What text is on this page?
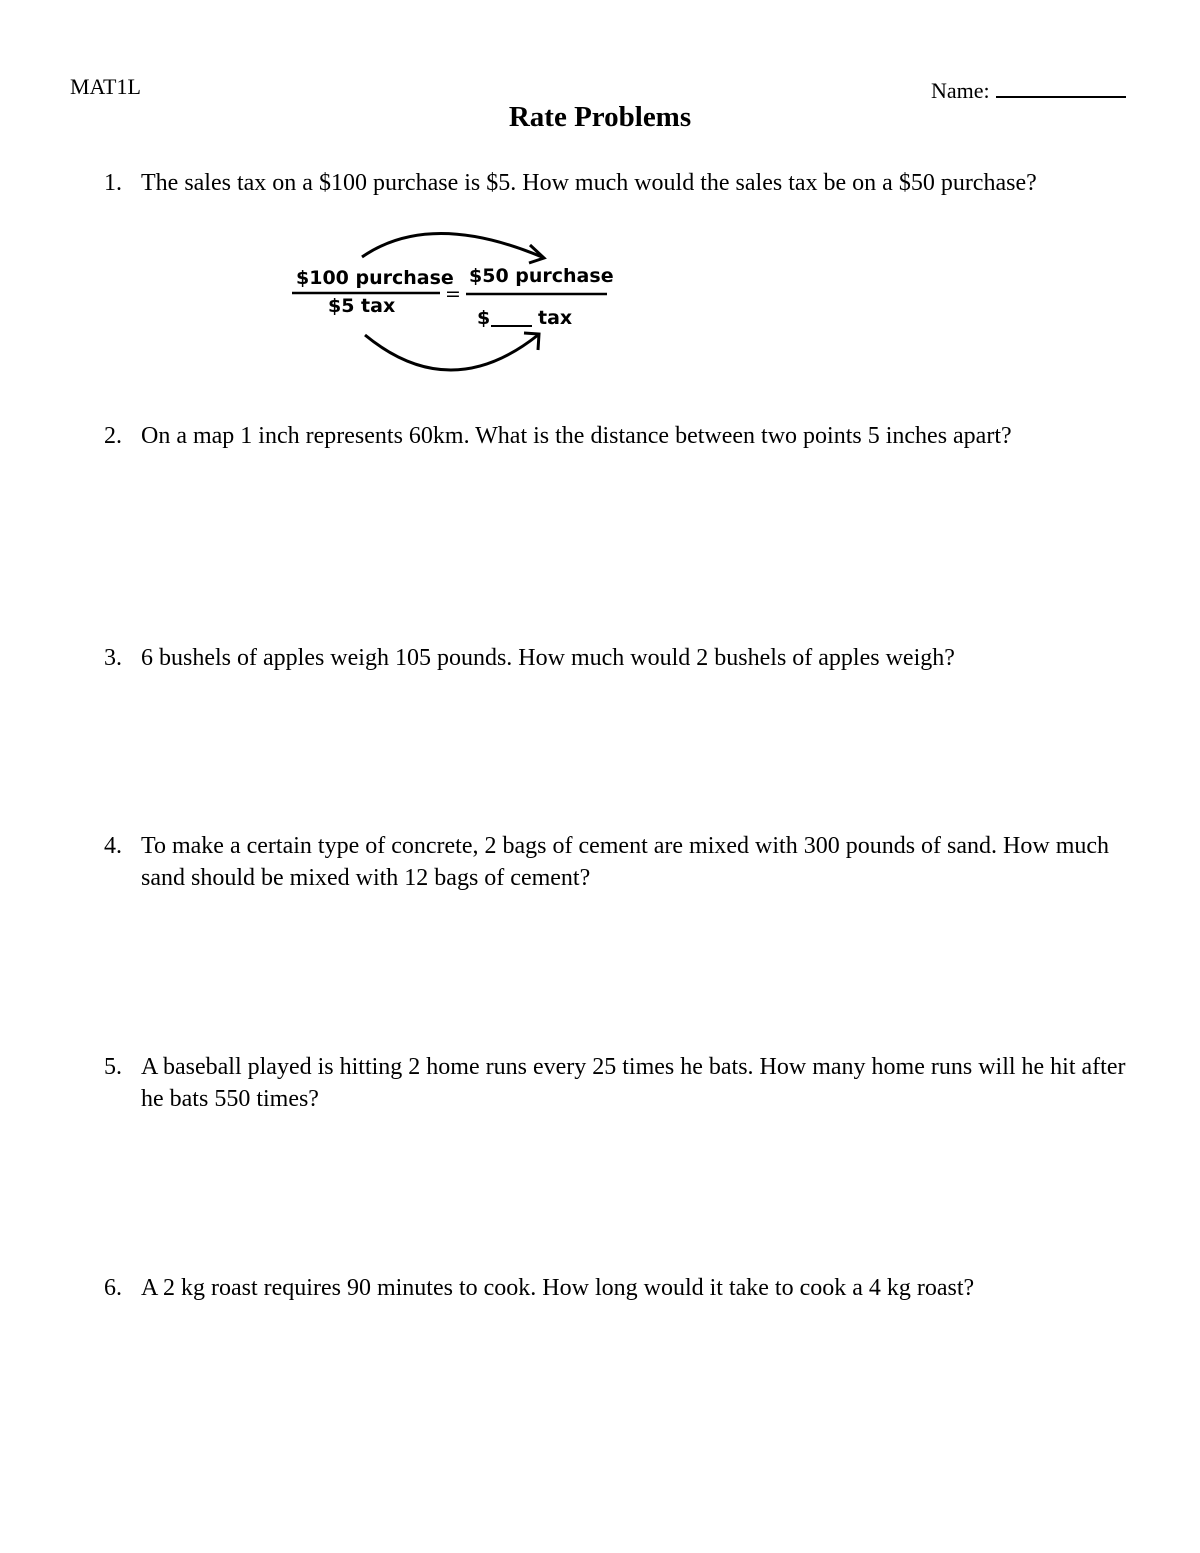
MAT1L	Name:
Rate Problems
1. The sales tax on a $100 purchase is $5. How much would the sales tax be on a $50 purchase?
$100 purchase
$5 tax
=
$50 purchase
$	tax
2. On a map 1 inch represents 60km. What is the distance between two points 5 inches apart?
3. 6 bushels of apples weigh 105 pounds. How much would 2 bushels of apples weigh?
4. To make a certain type of concrete, 2 bags of cement are mixed with 300 pounds of sand. How much sand should be mixed with 12 bags of cement?
5. A baseball played is hitting 2 home runs every 25 times he bats. How many home runs will he hit after he bats 550 times?
6. A 2 kg roast requires 90 minutes to cook. How long would it take to cook a 4 kg roast?
